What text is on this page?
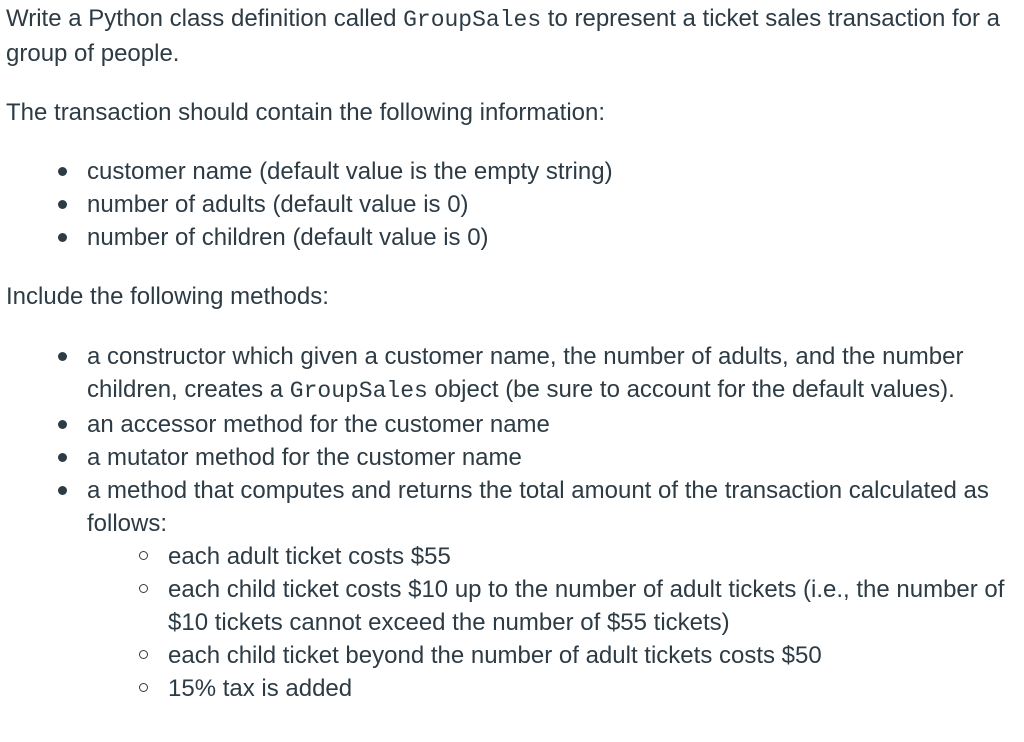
Write a Python class definition called GroupSales to represent a ticket sales transaction for a group of people.

The transaction should contain the following information:

customer name (default value is the empty string)
number of adults (default value is 0)
number of children (default value is 0)

Include the following methods:

a constructor which given a customer name, the number of adults, and the number children, creates a GroupSales object (be sure to account for the default values).
an accessor method for the customer name
a mutator method for the customer name
a method that computes and returns the total amount of the transaction calculated as follows:
each adult ticket costs $55
each child ticket costs $10 up to the number of adult tickets (i.e., the number of $10 tickets cannot exceed the number of $55 tickets)
each child ticket beyond the number of adult tickets costs $50
15% tax is added
